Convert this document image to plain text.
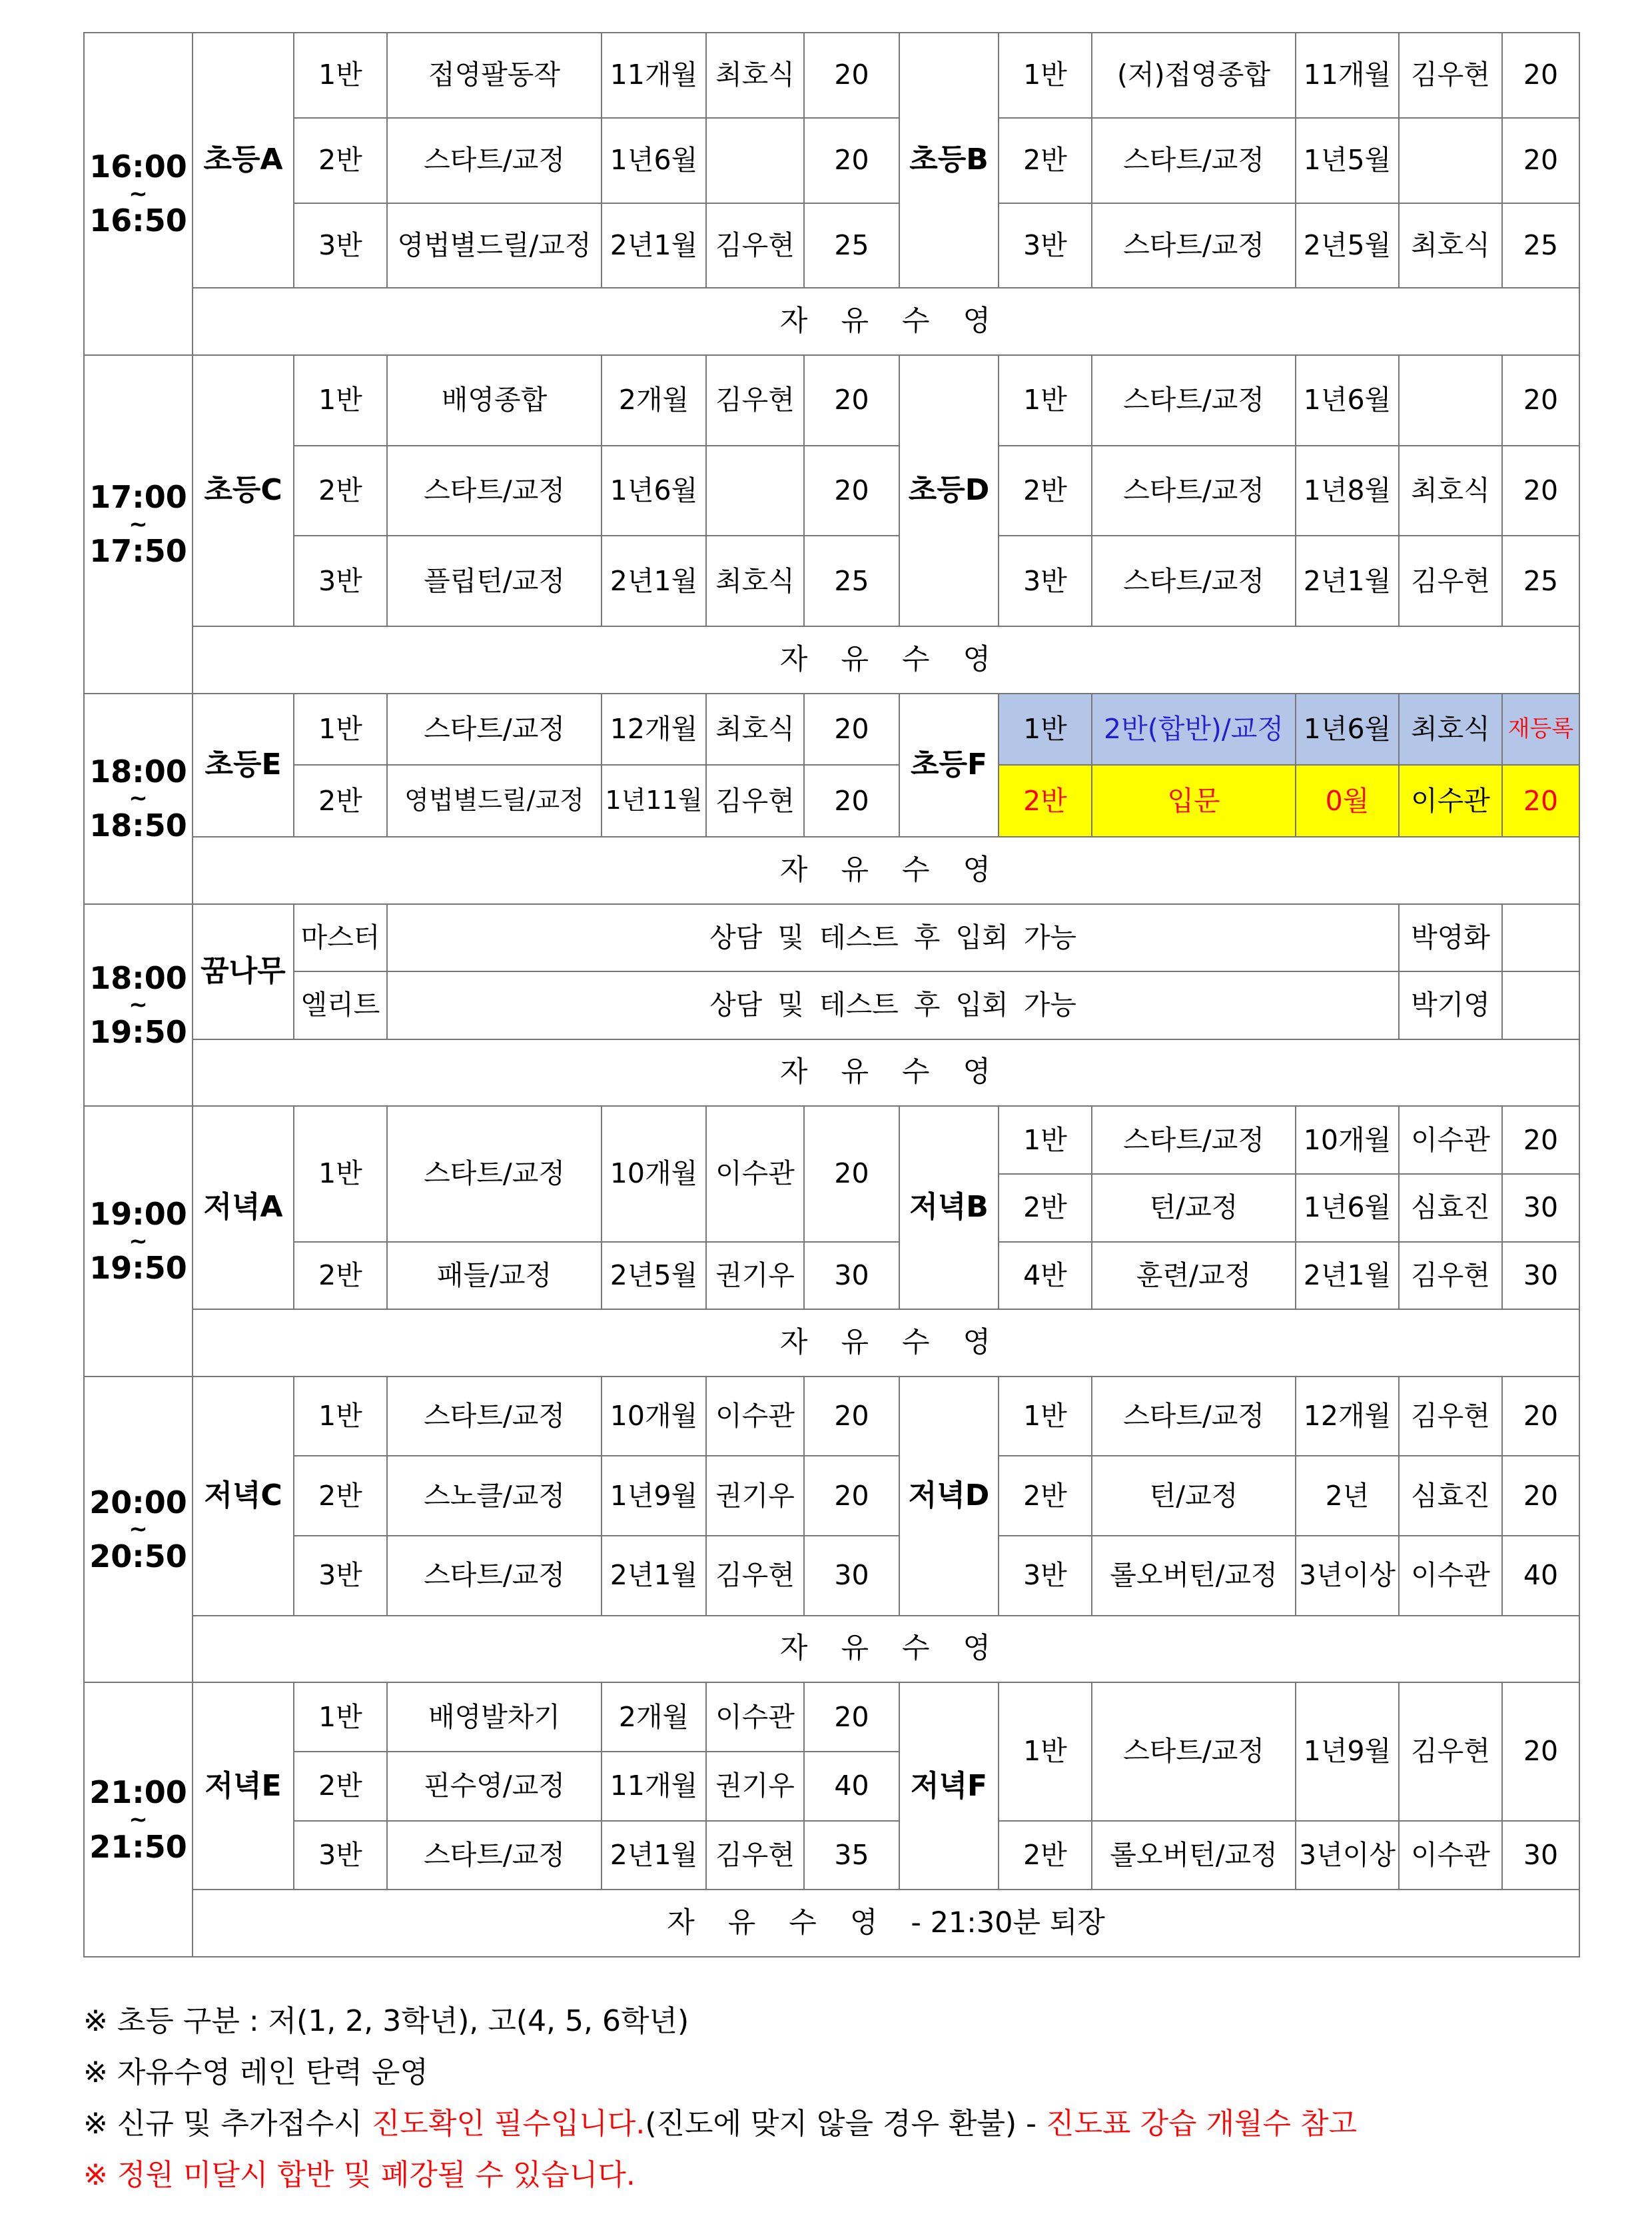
16:00
~
16:50	초등A	1반	접영팔동작	11개월	최호식	20	초등B	1반	(저)접영종합	11개월	김우현	20
		2반	스타트/교정	1년6월		20		2반	스타트/교정	1년5월		20
		3반	영법별드릴/교정	2년1월	김우현	25		3반	스타트/교정	2년5월	최호식	25
	자 유 수 영											
17:00
~
17:50	초등C	1반	배영종합	2개월	김우현	20	초등D	1반	스타트/교정	1년6월		20
		2반	스타트/교정	1년6월		20		2반	스타트/교정	1년8월	최호식	20
		3반	플립턴/교정	2년1월	최호식	25		3반	스타트/교정	2년1월	김우현	25
	자 유 수 영											
18:00
~
18:50	초등E	1반	스타트/교정	12개월	최호식	20	초등F	1반	2반(합반)/교정	1년6월	최호식	재등록
		2반	영법별드릴/교정	1년11월	김우현	20		2반	입문	0월	이수관	20
	자 유 수 영											
18:00
~
19:50	꿈나무	마스터	상담 및 테스트 후 입회 가능								박영화	
		엘리트	상담 및 테스트 후 입회 가능								박기영	
	자 유 수 영											
19:00
~
19:50	저녁A	1반	스타트/교정	10개월	이수관	20	저녁B	1반	스타트/교정	10개월	이수관	20
								2반	턴/교정	1년6월	심효진	30
		2반	패들/교정	2년5월	권기우	30		4반	훈련/교정	2년1월	김우현	30
	자 유 수 영											
20:00
~
20:50	저녁C	1반	스타트/교정	10개월	이수관	20	저녁D	1반	스타트/교정	12개월	김우현	20
		2반	스노클/교정	1년9월	권기우	20		2반	턴/교정	2년	심효진	20
		3반	스타트/교정	2년1월	김우현	30		3반	롤오버턴/교정	3년이상	이수관	40
	자 유 수 영											
21:00
~
21:50	저녁E	1반	배영발차기	2개월	이수관	20	저녁F	1반	스타트/교정	1년9월	김우현	20
		2반	핀수영/교정	11개월	권기우	40						
		3반	스타트/교정	2년1월	김우현	35		2반	롤오버턴/교정	3년이상	이수관	30
	자 유 수 영 - 21:30분 퇴장											
※ 초등 구분 : 저(1, 2, 3학년), 고(4, 5, 6학년)
※ 자유수영 레인 탄력 운영
※ 신규 및 추가접수시 진도확인 필수입니다.(진도에 맞지 않을 경우 환불) - 진도표 강습 개월수 참고
※ 정원 미달시 합반 및 폐강될 수 있습니다.
